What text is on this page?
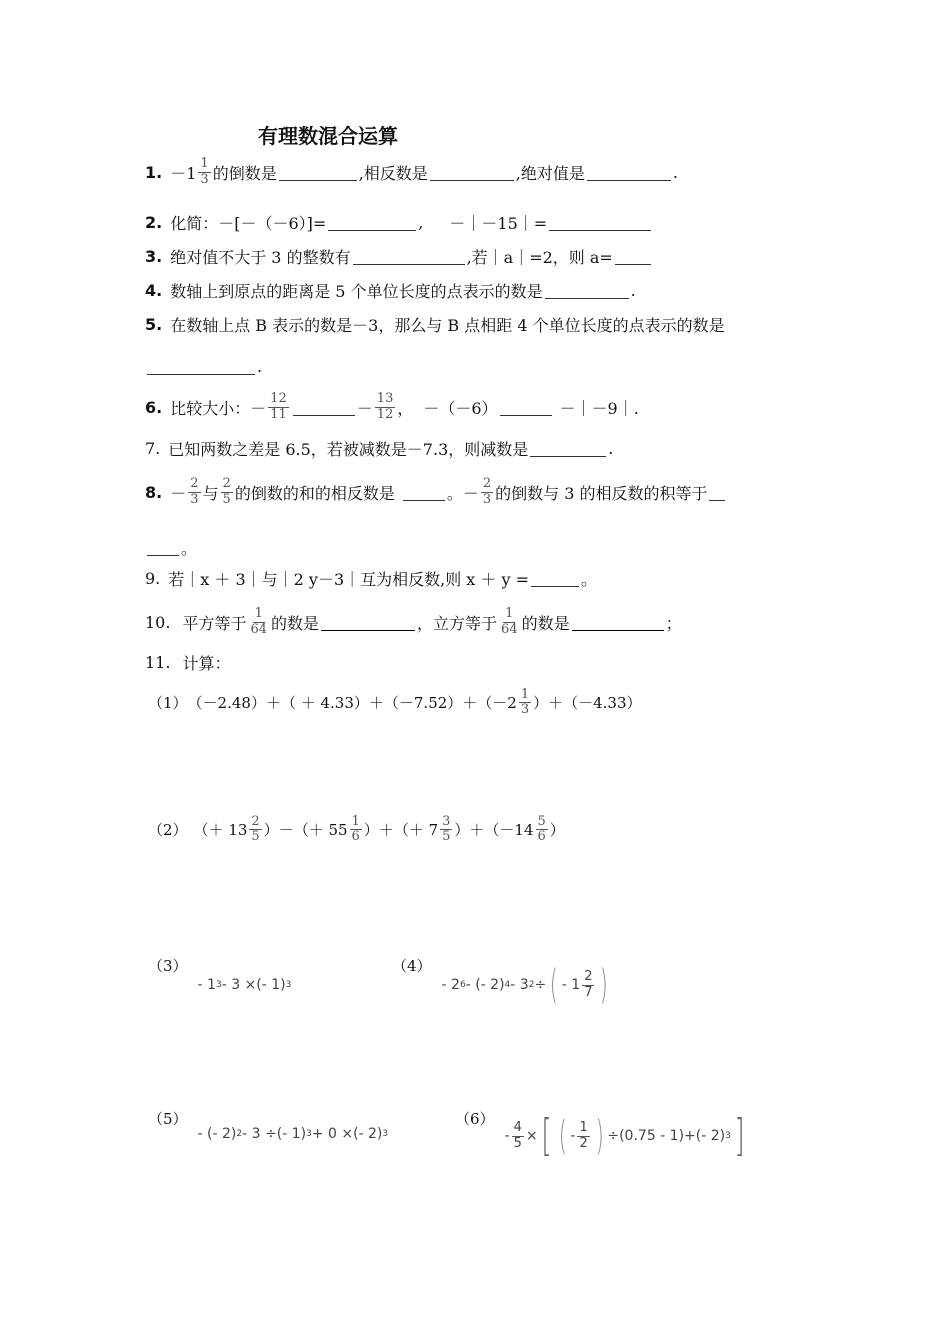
有理数混合运算
1. $-1 \frac{1}{3}$ 的倒数是	,相反数是	,绝对值是	.
2. 化简：－[－（－6）]=	, －｜－15｜=
3. 绝对值不大于 3 的整数有	,若｜a｜=2，则 a=
4. 数轴上到原点的距离是 5 个单位长度的点表示的数是	.
5. 在数轴上点 B 表示的数是－3，那么与 B 点相距 4 个单位长度的点表示的数是
.
6. 比较大小：－ $\frac{12}{11}$	－ $\frac{13}{12}$ ， －（－6）	－｜－9｜.
7. 已知两数之差是 6.5，若被减数是－7.3，则减数是	.
8. － $\frac{2}{3}$ 与 $\frac{2}{5}$ 的倒数的和的相反数是	。－ $\frac{2}{3}$ 的倒数与 3 的相反数的积等于
。
9. 若｜x ＋ 3｜与｜2 y－3｜互为相反数,则 x ＋ y =	。
10. 平方等于 $\frac{1}{64}$ 的数是	，立方等于 $\frac{1}{64}$ 的数是	；
11. 计算：
（1） $(-2.48)+( + 4.33)+(-7.52)+(-2 \frac{1}{3} )+(-4.33)$
（2） （＋ $13 \frac{2}{5}$ ）－（＋ $55 \frac{1}{6}$ ）＋（＋ $7 \frac{3}{5} )+(-14 \frac{5}{6}$ ）
（3）
- 1 3 - 3 ×(- 1) 3
（4）
- 2 6 - (- 2) 4 - 3 2 ÷ ( - $1 \frac{2}{7}$ )
（5）
- (- 2) 2 - 3 ÷(- 1) 3 + 0 ×(- 2) 3
（6）
- $\frac{4}{5}$ × [ ( - $\frac{1}{2}$ ) ÷(0.75 - 1)+(- 2) 3 ]
